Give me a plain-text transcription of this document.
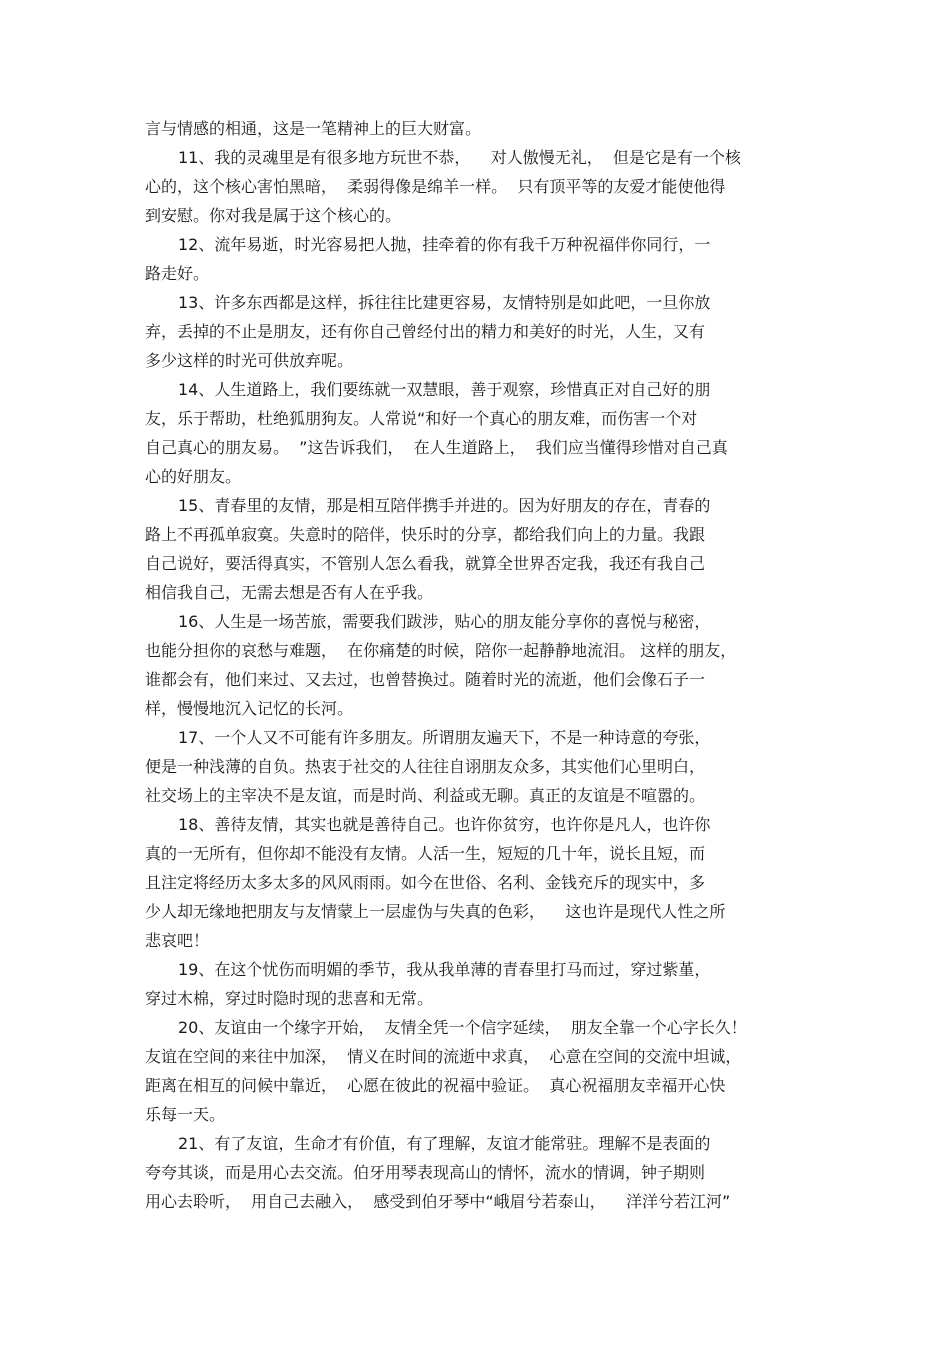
言与情感的相通，这是一笔精神上的巨大财富。
11、我的灵魂里是有很多地方玩世不恭，    对人傲慢无礼，  但是它是有一个核
心的，这个核心害怕黑暗，  柔弱得像是绵羊一样。  只有顶平等的友爱才能使他得
到安慰。你对我是属于这个核心的。
12、流年易逝，时光容易把人抛，挂牵着的你有我千万种祝福伴你同行，一
路走好。
13、许多东西都是这样，拆往往比建更容易，友情特别是如此吧，一旦你放
弃，丢掉的不止是朋友，还有你自己曾经付出的精力和美好的时光，人生，又有
多少这样的时光可供放弃呢。
14、人生道路上，我们要练就一双慧眼，善于观察，珍惜真正对自己好的朋
友，乐于帮助，杜绝狐朋狗友。人常说“和好一个真心的朋友难，而伤害一个对
自己真心的朋友易。  ”这告诉我们，  在人生道路上，  我们应当懂得珍惜对自己真
心的好朋友。
15、青春里的友情，那是相互陪伴携手并进的。因为好朋友的存在，青春的
路上不再孤单寂寞。失意时的陪伴，快乐时的分享，都给我们向上的力量。我跟
自己说好，要活得真实，不管别人怎么看我，就算全世界否定我，我还有我自己
相信我自己，无需去想是否有人在乎我。
16、人生是一场苦旅，需要我们跋涉，贴心的朋友能分享你的喜悦与秘密，
也能分担你的哀愁与难题，  在你痛楚的时候，陪你一起静静地流泪。 这样的朋友，
谁都会有，他们来过、又去过，也曾替换过。随着时光的流逝，他们会像石子一
样，慢慢地沉入记忆的长河。
17、一个人又不可能有许多朋友。所谓朋友遍天下，不是一种诗意的夸张，
便是一种浅薄的自负。热衷于社交的人往往自诩朋友众多，其实他们心里明白，
社交场上的主宰决不是友谊，而是时尚、利益或无聊。真正的友谊是不喧嚣的。
18、善待友情，其实也就是善待自己。也许你贫穷，也许你是凡人，也许你
真的一无所有，但你却不能没有友情。人活一生，短短的几十年，说长且短，而
且注定将经历太多太多的风风雨雨。如今在世俗、名利、金钱充斥的现实中，多
少人却无缘地把朋友与友情蒙上一层虚伪与失真的色彩，    这也许是现代人性之所
悲哀吧！
19、在这个忧伤而明媚的季节，我从我单薄的青春里打马而过，穿过紫堇，
穿过木棉，穿过时隐时现的悲喜和无常。
20、友谊由一个缘字开始，  友情全凭一个信字延续，  朋友全靠一个心字长久！
友谊在空间的来往中加深，  情义在时间的流逝中求真，  心意在空间的交流中坦诚，
距离在相互的问候中靠近，  心愿在彼此的祝福中验证。  真心祝福朋友幸福开心快
乐每一天。
21、有了友谊，生命才有价值，有了理解，友谊才能常驻。理解不是表面的
夸夸其谈，而是用心去交流。伯牙用琴表现高山的情怀，流水的情调，钟子期则
用心去聆听，  用自己去融入，  感受到伯牙琴中“峨眉兮若泰山，    洋洋兮若江河”
